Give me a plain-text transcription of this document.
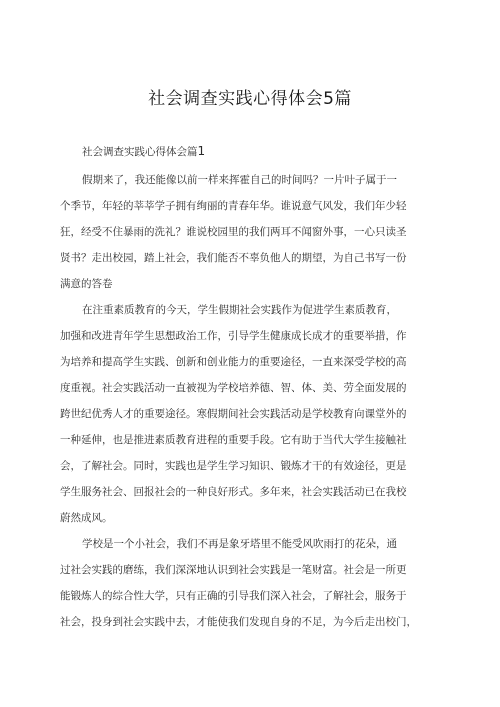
社会调查实践心得体会5篇
社会调查实践心得体会篇1
假期来了，我还能像以前一样来挥霍自己的时间吗？一片叶子属于一
个季节，年轻的莘莘学子拥有绚丽的青春年华。谁说意气风发，我们年少轻
狂，经受不住暴雨的洗礼？谁说校园里的我们两耳不闻窗外事，一心只读圣
贤书？走出校园，踏上社会，我们能否不辜负他人的期望，为自己书写一份
满意的答卷
在注重素质教育的今天，学生假期社会实践作为促进学生素质教育，
加强和改进青年学生思想政治工作，引导学生健康成长成才的重要举措，作
为培养和提高学生实践、创新和创业能力的重要途径，一直来深受学校的高
度重视。社会实践活动一直被视为学校培养德、智、体、美、劳全面发展的
跨世纪优秀人才的重要途径。寒假期间社会实践活动是学校教育向课堂外的
一种延伸，也是推进素质教育进程的重要手段。它有助于当代大学生接触社
会，了解社会。同时，实践也是学生学习知识、锻炼才干的有效途径，更是
学生服务社会、回报社会的一种良好形式。多年来，社会实践活动已在我校
蔚然成风。
学校是一个小社会，我们不再是象牙塔里不能受风吹雨打的花朵，通
过社会实践的磨练，我们深深地认识到社会实践是一笔财富。社会是一所更
能锻炼人的综合性大学，只有正确的引导我们深入社会，了解社会，服务于
社会，投身到社会实践中去，才能使我们发现自身的不足，为今后走出校门，
